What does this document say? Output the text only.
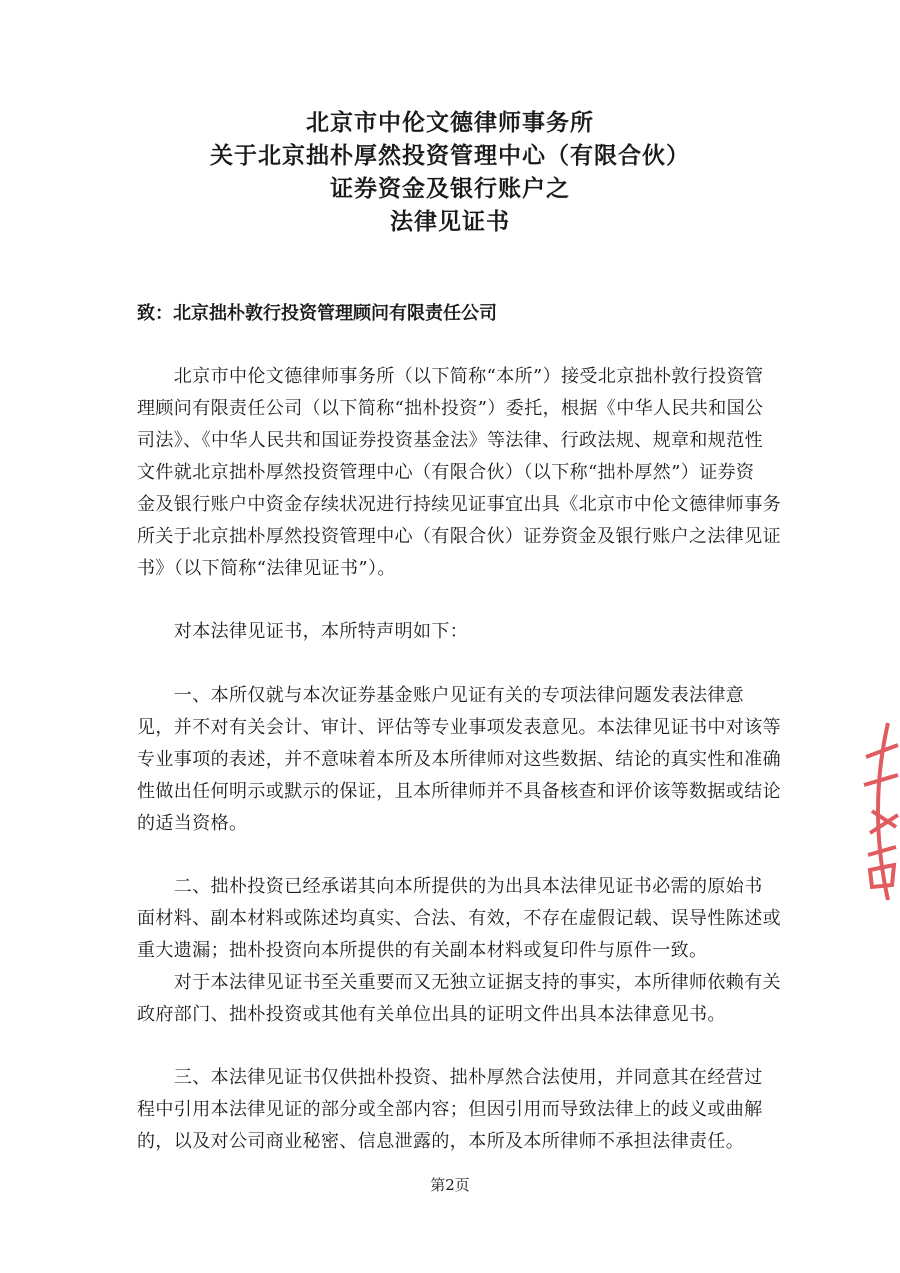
北京市中伦文德律师事务所
关于北京拙朴厚然投资管理中心（有限合伙）
证券资金及银行账户之
法律见证书
致：北京拙朴敦行投资管理顾问有限责任公司
　　北京市中伦文德律师事务所（以下简称“本所”）接受北京拙朴敦行投资管
理顾问有限责任公司（以下简称“拙朴投资”）委托，根据《中华人民共和国公
司法》、《中华人民共和国证券投资基金法》等法律、行政法规、规章和规范性
文件就北京拙朴厚然投资管理中心（有限合伙）（以下称“拙朴厚然”）证券资
金及银行账户中资金存续状况进行持续见证事宜出具《北京市中伦文德律师事务
所关于北京拙朴厚然投资管理中心（有限合伙）证券资金及银行账户之法律见证
书》（以下简称“法律见证书”）。
　　对本法律见证书，本所特声明如下：
　　一、本所仅就与本次证券基金账户见证有关的专项法律问题发表法律意
见，并不对有关会计、审计、评估等专业事项发表意见。本法律见证书中对该等
专业事项的表述，并不意味着本所及本所律师对这些数据、结论的真实性和准确
性做出任何明示或默示的保证，且本所律师并不具备核查和评价该等数据或结论
的适当资格。
　　二、拙朴投资已经承诺其向本所提供的为出具本法律见证书必需的原始书
面材料、副本材料或陈述均真实、合法、有效，不存在虚假记载、误导性陈述或
重大遗漏；拙朴投资向本所提供的有关副本材料或复印件与原件一致。
　　对于本法律见证书至关重要而又无独立证据支持的事实，本所律师依赖有关
政府部门、拙朴投资或其他有关单位出具的证明文件出具本法律意见书。
　　三、本法律见证书仅供拙朴投资、拙朴厚然合法使用，并同意其在经营过
程中引用本法律见证的部分或全部内容；但因引用而导致法律上的歧义或曲解
的，以及对公司商业秘密、信息泄露的，本所及本所律师不承担法律责任。
第2页
